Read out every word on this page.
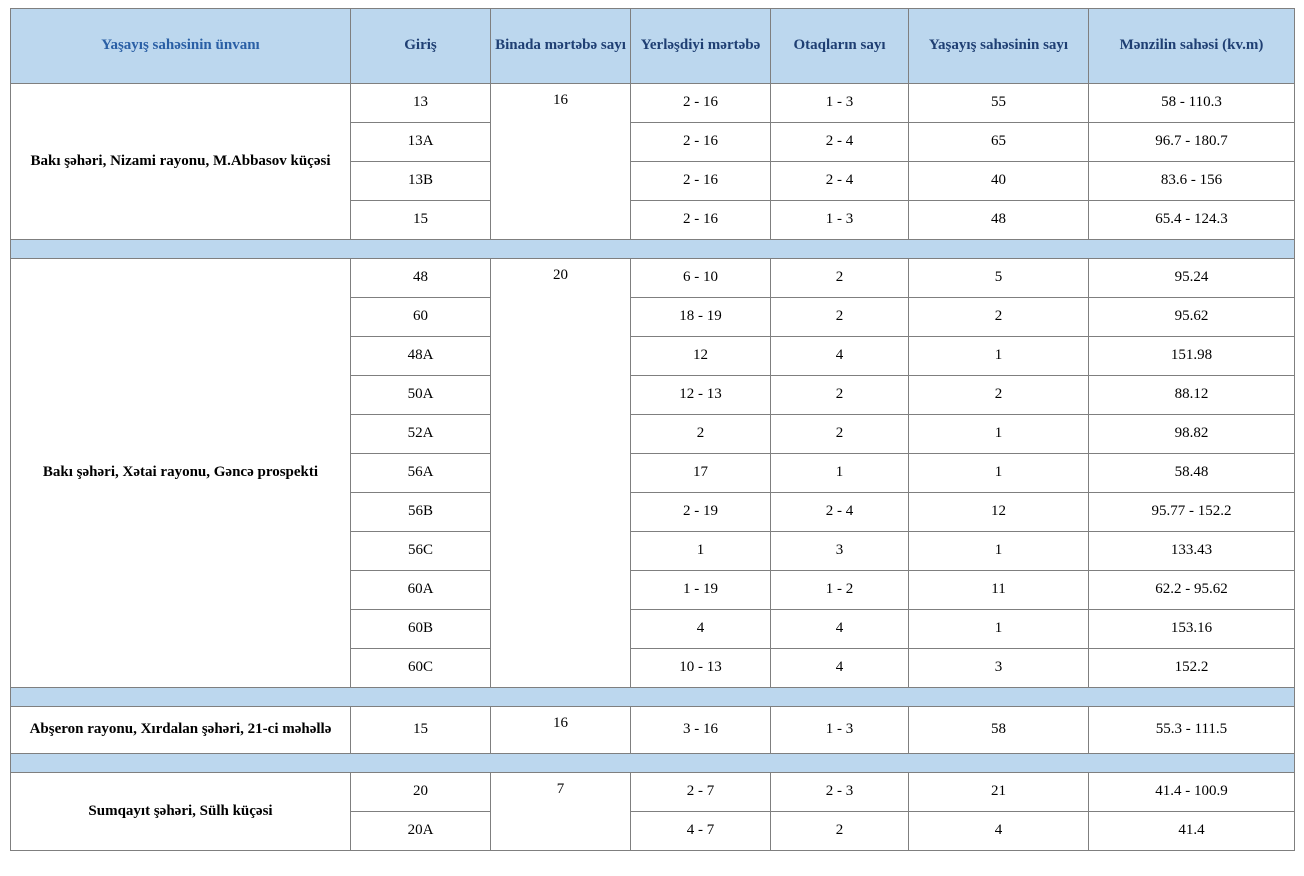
Yaşayış sahəsinin ünvanı	Giriş	Binada mərtəbə sayı	Yerləşdiyi mərtəbə	Otaqların sayı	Yaşayış sahəsinin sayı	Mənzilin sahəsi (kv.m)
Bakı şəhəri, Nizami rayonu, M.Abbasov küçəsi	13	16	2 - 16	1 - 3	55	58 - 110.3
	13A		2 - 16	2 - 4	65	96.7 - 180.7
	13B		2 - 16	2 - 4	40	83.6 - 156
	15		2 - 16	1 - 3	48	65.4 - 124.3

Bakı şəhəri, Xətai rayonu, Gəncə prospekti	48	20	6 - 10	2	5	95.24
	60		18 - 19	2	2	95.62
	48A		12	4	1	151.98
	50A		12 - 13	2	2	88.12
	52A		2	2	1	98.82
	56A		17	1	1	58.48
	56B		2 - 19	2 - 4	12	95.77 - 152.2
	56C		1	3	1	133.43
	60A		1 - 19	1 - 2	11	62.2 - 95.62
	60B		4	4	1	153.16
	60C		10 - 13	4	3	152.2

Abşeron rayonu, Xırdalan şəhəri, 21-ci məhəllə	15	16	3 - 16	1 - 3	58	55.3 - 111.5

Sumqayıt şəhəri, Sülh küçəsi	20	7	2 - 7	2 - 3	21	41.4 - 100.9
	20A		4 - 7	2	4	41.4
